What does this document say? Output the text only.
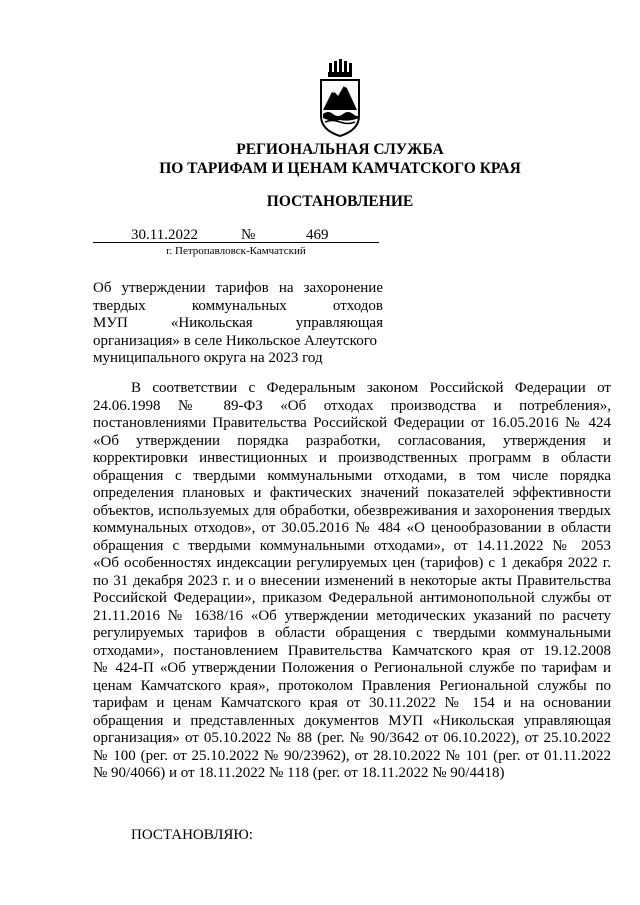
РЕГИОНАЛЬНАЯ СЛУЖБА
ПО ТАРИФАМ И ЦЕНАМ КАМЧАТСКОГО КРАЯ
ПОСТАНОВЛЕНИЕ
30.11.2022	№	469
г. Петропавловск-Камчатский
Об утверждении тарифов на захоронение
твердых коммунальных отходов
МУП «Никольская управляющая
организация» в селе Никольское Алеутского
муниципального округа на 2023 год
В соответствии с Федеральным законом Российской Федерации от
24.06.1998 № 89-ФЗ «Об отходах производства и потребления»,
постановлениями Правительства Российской Федерации от 16.05.2016 № 424
«Об утверждении порядка разработки, согласования, утверждения и
корректировки инвестиционных и производственных программ в области
обращения с твердыми коммунальными отходами, в том числе порядка
определения плановых и фактических значений показателей эффективности
объектов, используемых для обработки, обезвреживания и захоронения твердых
коммунальных отходов», от 30.05.2016 № 484 «О ценообразовании в области
обращения с твердыми коммунальными отходами», от 14.11.2022 № 2053
«Об особенностях индексации регулируемых цен (тарифов) с 1 декабря 2022 г.
по 31 декабря 2023 г. и о внесении изменений в некоторые акты Правительства
Российской Федерации», приказом Федеральной антимонопольной службы от
21.11.2016 № 1638/16 «Об утверждении методических указаний по расчету
регулируемых тарифов в области обращения с твердыми коммунальными
отходами», постановлением Правительства Камчатского края от 19.12.2008
№ 424-П «Об утверждении Положения о Региональной службе по тарифам и
ценам Камчатского края», протоколом Правления Региональной службы по
тарифам и ценам Камчатского края от 30.11.2022 № 154 и на основании
обращения и представленных документов МУП «Никольская управляющая
организация» от 05.10.2022 № 88 (рег. № 90/3642 от 06.10.2022), от 25.10.2022
№ 100 (рег. от 25.10.2022 № 90/23962), от 28.10.2022 № 101 (рег. от 01.11.2022
№ 90/4066) и от 18.11.2022 № 118 (рег. от 18.11.2022 № 90/4418)
ПОСТАНОВЛЯЮ:
